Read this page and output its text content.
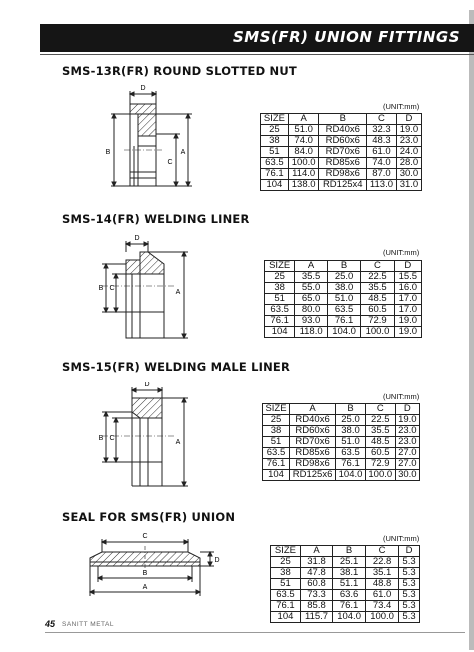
SMS(FR) UNION FITTINGS
SMS-13R(FR) ROUND SLOTTED NUT
D
B
C
A
(UNIT:mm)
SIZE	A	B	C	D
25	51.0	RD40x6	32.3	19.0
38	74.0	RD60x6	48.3	23.0
51	84.0	RD70x6	61.0	24.0
63.5	100.0	RD85x6	74.0	28.0
76.1	114.0	RD98x6	87.0	30.0
104	138.0	RD125x4	113.0	31.0
SMS-14(FR) WELDING LINER
D
B C
A
(UNIT:mm)
SIZE	A	B	C	D
25	35.5	25.0	22.5	15.5
38	55.0	38.0	35.5	16.0
51	65.0	51.0	48.5	17.0
63.5	80.0	63.5	60.5	17.0
76.1	93.0	76.1	72.9	19.0
104	118.0	104.0	100.0	19.0
SMS-15(FR) WELDING MALE LINER
D
B C
A
(UNIT:mm)
SIZE	A	B	C	D
25	RD40x6	25.0	22.5	19.0
38	RD60x6	38.0	35.5	23.0
51	RD70x6	51.0	48.5	23.0
63.5	RD85x6	63.5	60.5	27.0
76.1	RD98x6	76.1	72.9	27.0
104	RD125x6	104.0	100.0	30.0
SEAL FOR SMS(FR) UNION
C
D
B
A
(UNIT:mm)
SIZE	A	B	C	D
25	31.8	25.1	22.8	5.3
38	47.8	38.1	35.1	5.3
51	60.8	51.1	48.8	5.3
63.5	73.3	63.6	61.0	5.3
76.1	85.8	76.1	73.4	5.3
104	115.7	104.0	100.0	5.3
45 SANITT METAL
